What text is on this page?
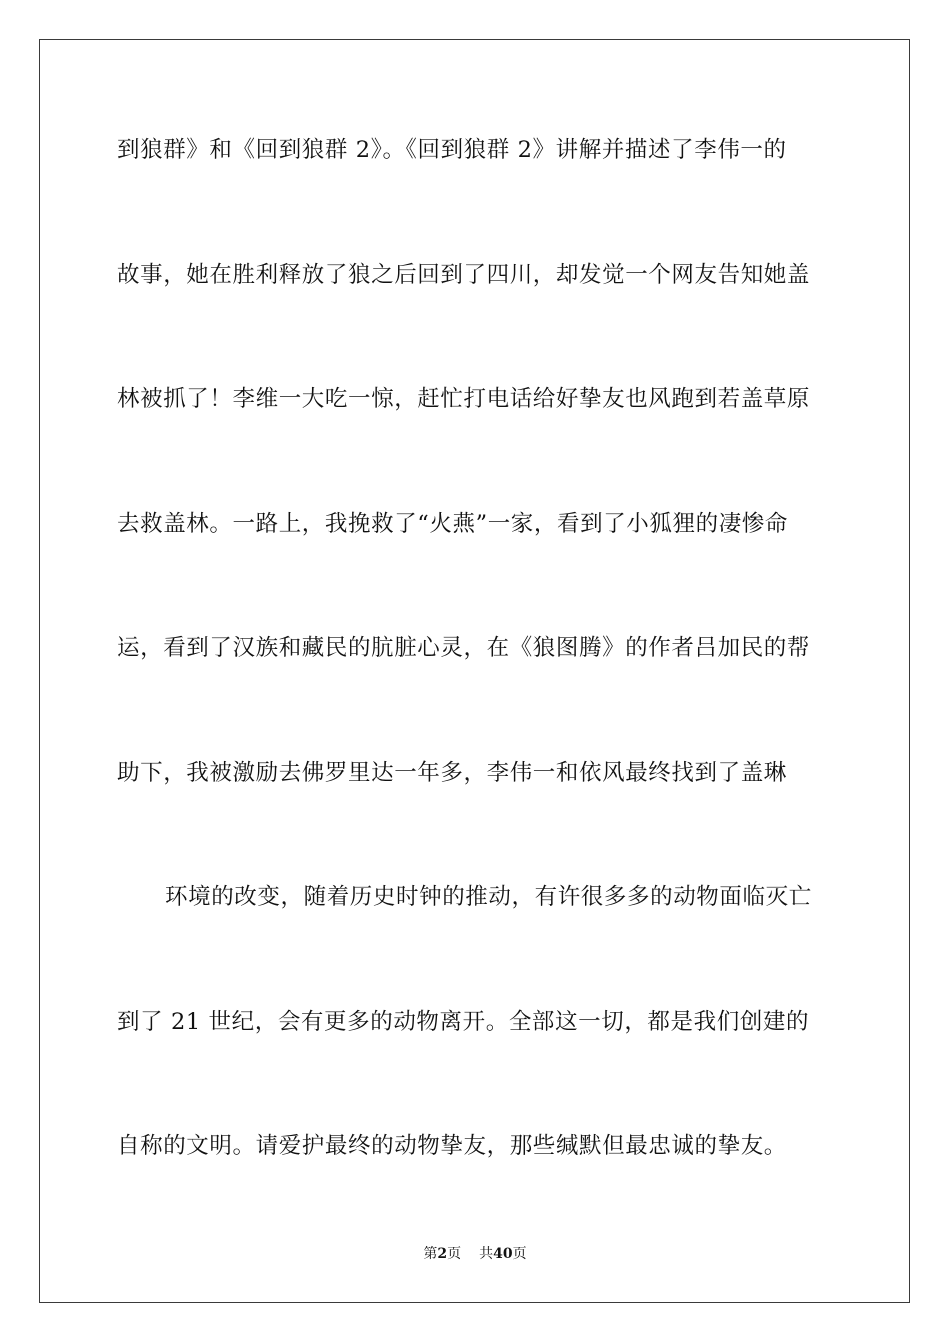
到狼群》和《回到狼群 2》。《回到狼群 2》讲解并描述了李伟一的
故事，她在胜利释放了狼之后回到了四川，却发觉一个网友告知她盖
林被抓了！李维一大吃一惊，赶忙打电话给好挚友也风跑到若盖草原
去救盖林。一路上，我挽救了“火燕”一家，看到了小狐狸的凄惨命
运，看到了汉族和藏民的肮脏心灵，在《狼图腾》的作者吕加民的帮
助下，我被激励去佛罗里达一年多，李伟一和依风最终找到了盖琳
环境的改变，随着历史时钟的推动，有许很多多的动物面临灭亡
到了 21 世纪，会有更多的动物离开。全部这一切，都是我们创建的
自称的文明。请爱护最终的动物挚友，那些缄默但最忠诚的挚友。
第2页 共40页
